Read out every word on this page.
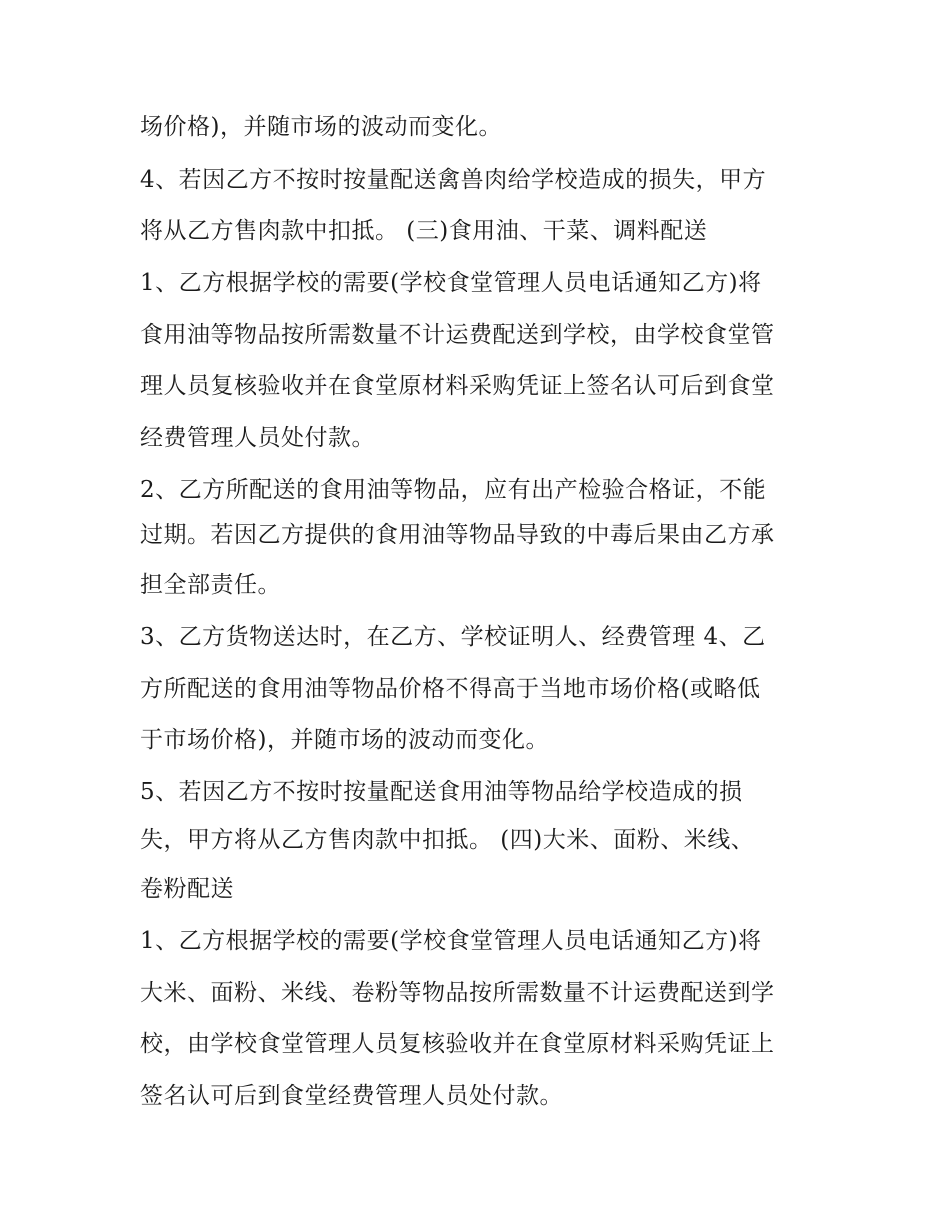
场价格)，并随市场的波动而变化。
4、若因乙方不按时按量配送禽兽肉给学校造成的损失，甲方
将从乙方售肉款中扣抵。 (三)食用油、干菜、调料配送
1、乙方根据学校的需要(学校食堂管理人员电话通知乙方)将
食用油等物品按所需数量不计运费配送到学校，由学校食堂管
理人员复核验收并在食堂原材料采购凭证上签名认可后到食堂
经费管理人员处付款。
2、乙方所配送的食用油等物品，应有出产检验合格证，不能
过期。若因乙方提供的食用油等物品导致的中毒后果由乙方承
担全部责任。
3、乙方货物送达时，在乙方、学校证明人、经费管理 4、乙
方所配送的食用油等物品价格不得高于当地市场价格(或略低
于市场价格)，并随市场的波动而变化。
5、若因乙方不按时按量配送食用油等物品给学校造成的损
失，甲方将从乙方售肉款中扣抵。 (四)大米、面粉、米线、
卷粉配送
1、乙方根据学校的需要(学校食堂管理人员电话通知乙方)将
大米、面粉、米线、卷粉等物品按所需数量不计运费配送到学
校，由学校食堂管理人员复核验收并在食堂原材料采购凭证上
签名认可后到食堂经费管理人员处付款。
